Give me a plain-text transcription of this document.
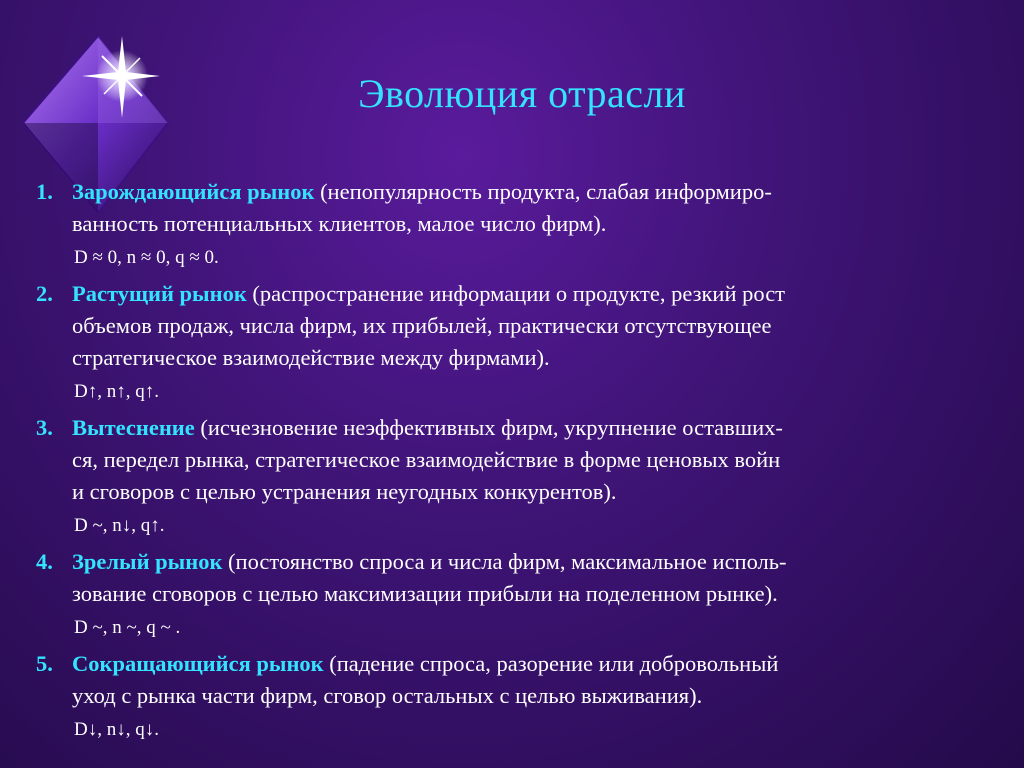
Эволюция отрасли
1. Зарождающийся рынок (непопулярность продукта, слабая информиро-
ванность потенциальных клиентов, малое число фирм).
D ≈ 0, n ≈ 0, q ≈ 0.
2. Растущий рынок (распространение информации о продукте, резкий рост
объемов продаж, числа фирм, их прибылей, практически отсутствующее
стратегическое взаимодействие между фирмами).
D↑, n↑, q↑.
3. Вытеснение (исчезновение неэффективных фирм, укрупнение оставших-
ся, передел рынка, стратегическое взаимодействие в форме ценовых войн
и сговоров с целью устранения неугодных конкурентов).
D ~, n↓, q↑.
4. Зрелый рынок (постоянство спроса и числа фирм, максимальное исполь-
зование сговоров с целью максимизации прибыли на поделенном рынке).
D ~, n ~, q ~ .
5. Сокращающийся рынок (падение спроса, разорение или добровольный
уход с рынка части фирм, сговор остальных с целью выживания).
D↓, n↓, q↓.
